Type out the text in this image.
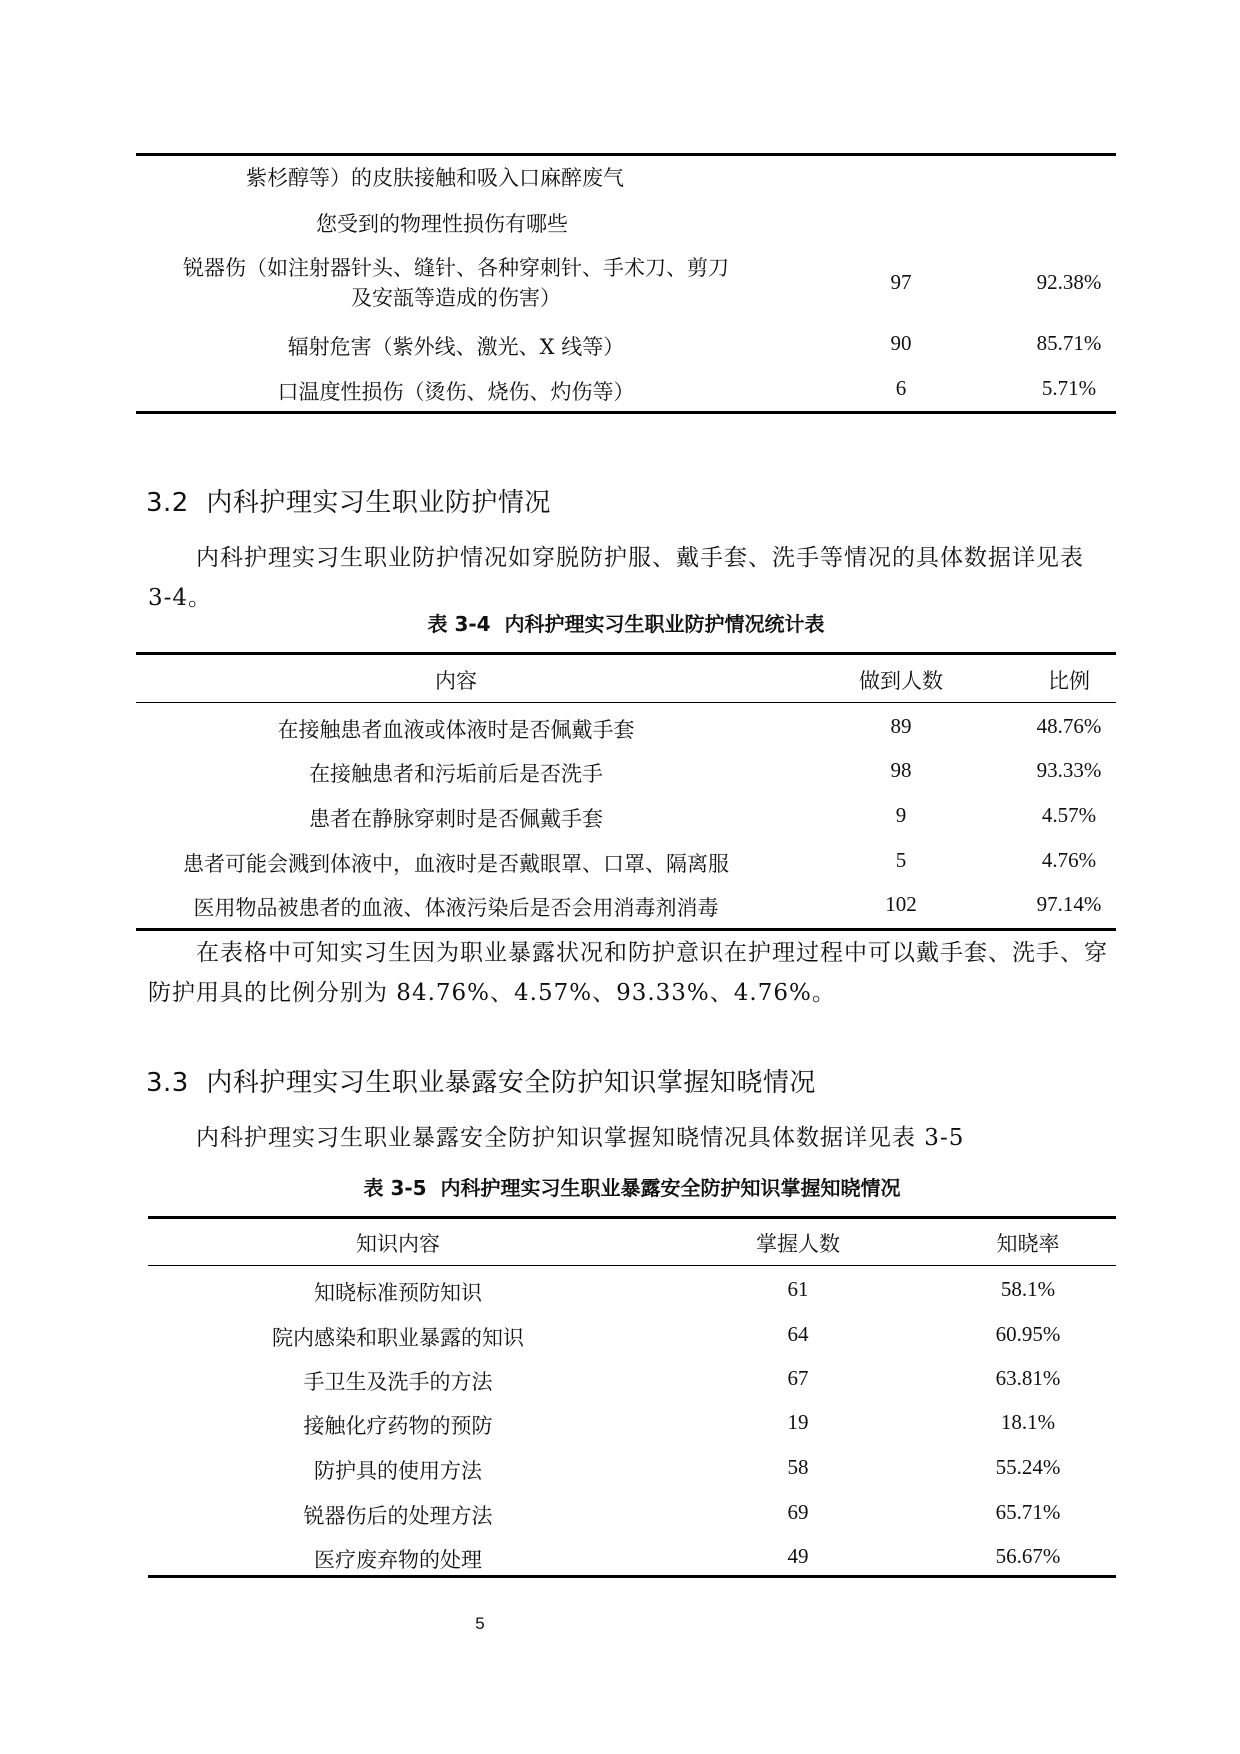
紫杉醇等）的皮肤接触和吸入口麻醉废气
您受到的物理性损伤有哪些
锐器伤（如注射器针头、缝针、各种穿刺针、手术刀、剪刀
及安瓿等造成的伤害）
97	92.38%
辐射危害（紫外线、激光、X 线等）	90	85.71%
口温度性损伤（烫伤、烧伤、灼伤等）	6	5.71%
3.2  内科护理实习生职业防护情况
内科护理实习生职业防护情况如穿脱防护服、戴手套、洗手等情况的具体数据详见表 3-4。
表 3-4  内科护理实习生职业防护情况统计表
内容	做到人数	比例
在接触患者血液或体液时是否佩戴手套	89	48.76%
在接触患者和污垢前后是否洗手	98	93.33%
患者在静脉穿刺时是否佩戴手套	9	4.57%
患者可能会溅到体液中，血液时是否戴眼罩、口罩、隔离服	5	4.76%
医用物品被患者的血液、体液污染后是否会用消毒剂消毒	102	97.14%
在表格中可知实习生因为职业暴露状况和防护意识在护理过程中可以戴手套、洗手、穿防护用具的比例分别为 84.76%、4.57%、93.33%、4.76%。
3.3  内科护理实习生职业暴露安全防护知识掌握知晓情况
内科护理实习生职业暴露安全防护知识掌握知晓情况具体数据详见表 3-5
表 3-5  内科护理实习生职业暴露安全防护知识掌握知晓情况
知识内容	掌握人数	知晓率
知晓标准预防知识	61	58.1%
院内感染和职业暴露的知识	64	60.95%
手卫生及洗手的方法	67	63.81%
接触化疗药物的预防	19	18.1%
防护具的使用方法	58	55.24%
锐器伤后的处理方法	69	65.71%
医疗废弃物的处理	49	56.67%
5
